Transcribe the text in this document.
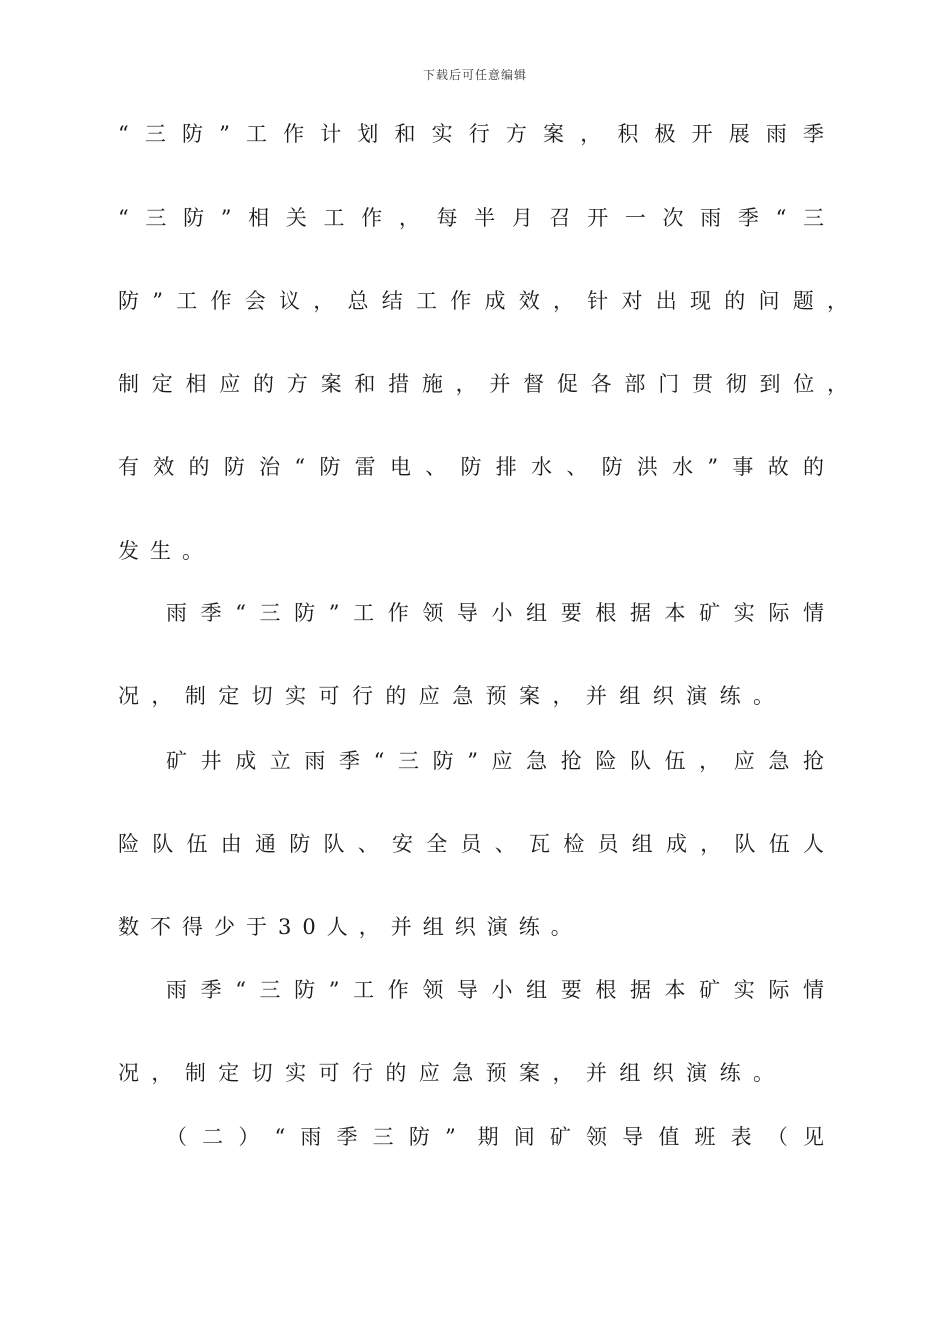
下载后可任意编辑
“三防”工作计划和实行方案，积极开展雨季
“三防”相关工作，每半月召开一次雨季“三
防”工作会议，总结工作成效，针对出现的问题，
制定相应的方案和措施，并督促各部门贯彻到位，
有效的防治“防雷电、防排水、防洪水”事故的
发生。
雨季“三防”工作领导小组要根据本矿实际情
况，制定切实可行的应急预案，并组织演练。
矿井成立雨季“三防”应急抢险队伍，应急抢
险队伍由通防队、安全员、瓦检员组成，队伍人
数不得少于30人，并组织演练。
雨季“三防”工作领导小组要根据本矿实际情
况，制定切实可行的应急预案，并组织演练。
（二）“雨季三防” 期间矿领导值班表（见
